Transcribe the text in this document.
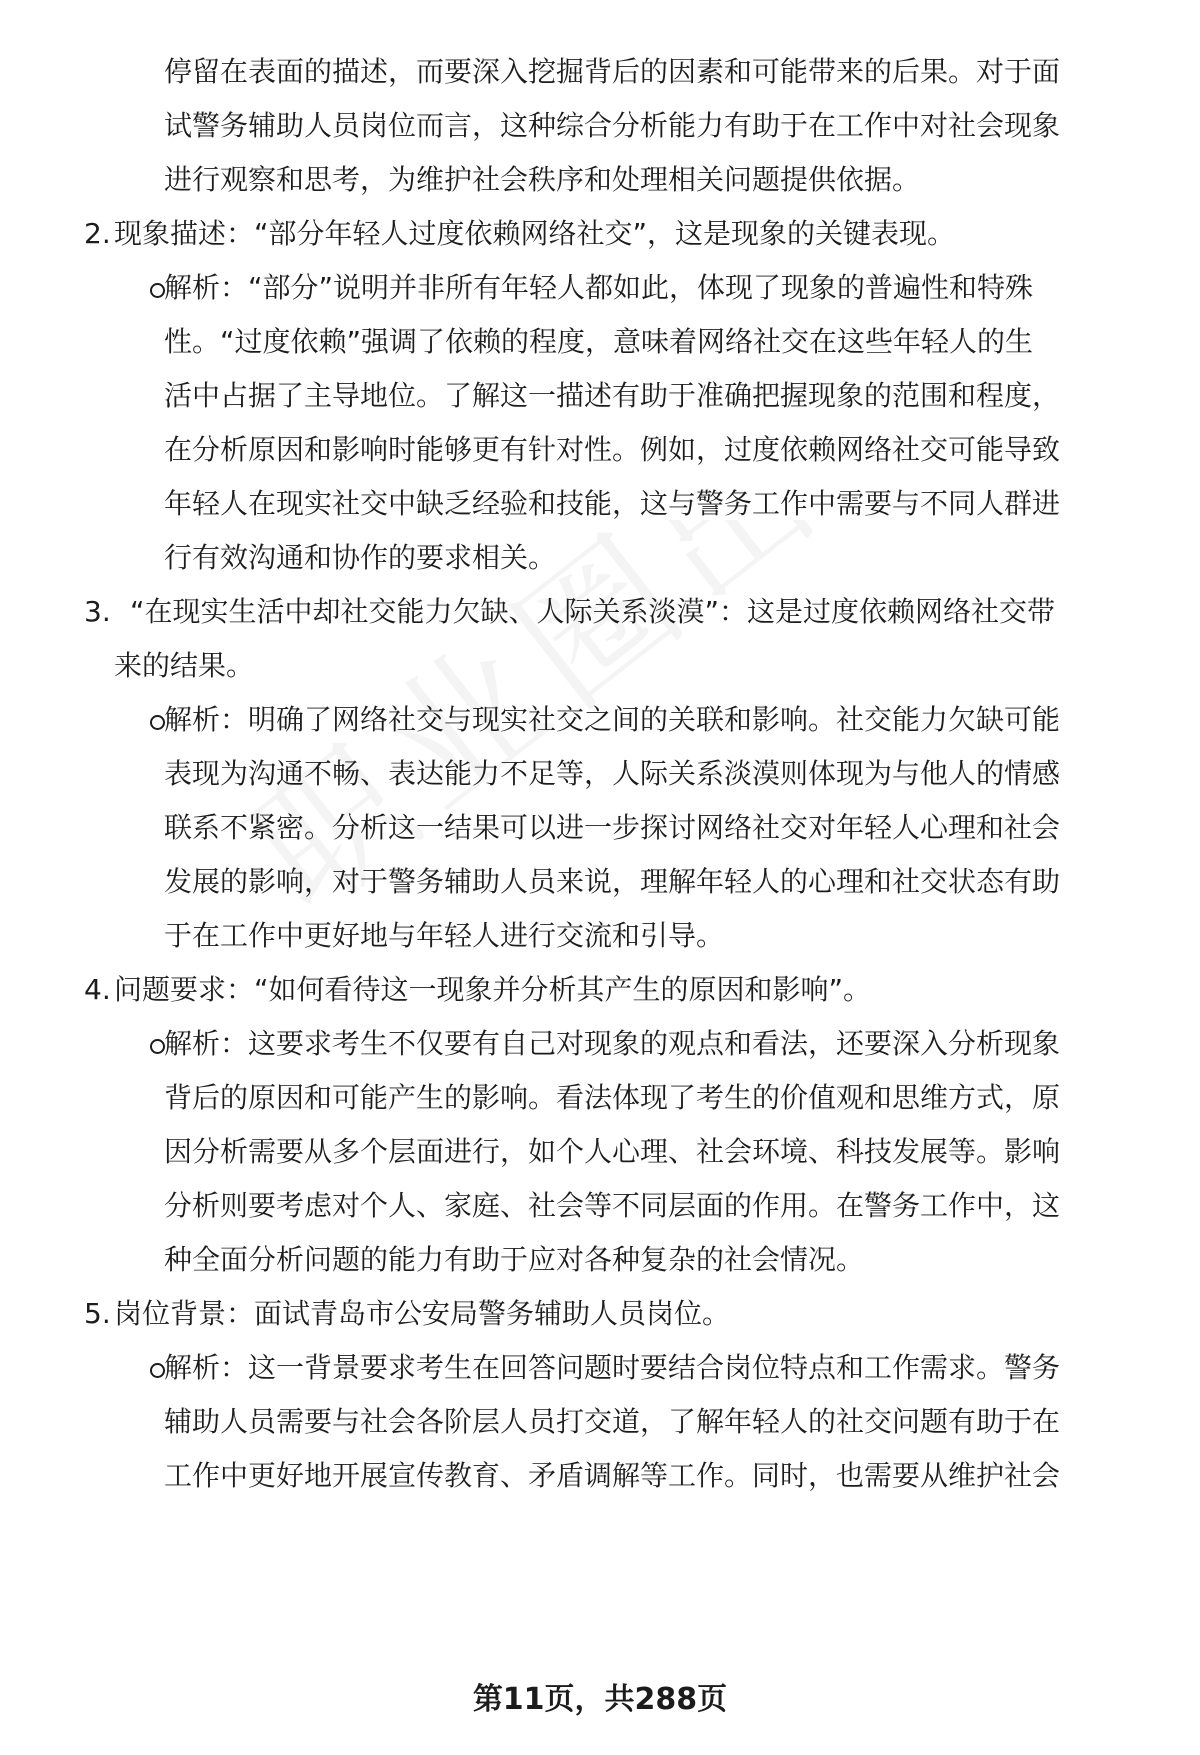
停留在表面的描述，而要深入挖掘背后的因素和可能带来的后果。对于面
试警务辅助人员岗位而言，这种综合分析能力有助于在工作中对社会现象
进行观察和思考，为维护社会秩序和处理相关问题提供依据。
2. 现象描述：“部分年轻人过度依赖网络社交”，这是现象的关键表现。
解析：“部分”说明并非所有年轻人都如此，体现了现象的普遍性和特殊
性。“过度依赖”强调了依赖的程度，意味着网络社交在这些年轻人的生
活中占据了主导地位。了解这一描述有助于准确把握现象的范围和程度，
在分析原因和影响时能够更有针对性。例如，过度依赖网络社交可能导致
年轻人在现实社交中缺乏经验和技能，这与警务工作中需要与不同人群进
行有效沟通和协作的要求相关。
3. “在现实生活中却社交能力欠缺、人际关系淡漠”：这是过度依赖网络社交带
来的结果。
解析：明确了网络社交与现实社交之间的关联和影响。社交能力欠缺可能
表现为沟通不畅、表达能力不足等，人际关系淡漠则体现为与他人的情感
联系不紧密。分析这一结果可以进一步探讨网络社交对年轻人心理和社会
发展的影响，对于警务辅助人员来说，理解年轻人的心理和社交状态有助
于在工作中更好地与年轻人进行交流和引导。
4. 问题要求：“如何看待这一现象并分析其产生的原因和影响”。
解析：这要求考生不仅要有自己对现象的观点和看法，还要深入分析现象
背后的原因和可能产生的影响。看法体现了考生的价值观和思维方式，原
因分析需要从多个层面进行，如个人心理、社会环境、科技发展等。影响
分析则要考虑对个人、家庭、社会等不同层面的作用。在警务工作中，这
种全面分析问题的能力有助于应对各种复杂的社会情况。
5. 岗位背景：面试青岛市公安局警务辅助人员岗位。
解析：这一背景要求考生在回答问题时要结合岗位特点和工作需求。警务
辅助人员需要与社会各阶层人员打交道，了解年轻人的社交问题有助于在
工作中更好地开展宣传教育、矛盾调解等工作。同时，也需要从维护社会
第11页，共288页
